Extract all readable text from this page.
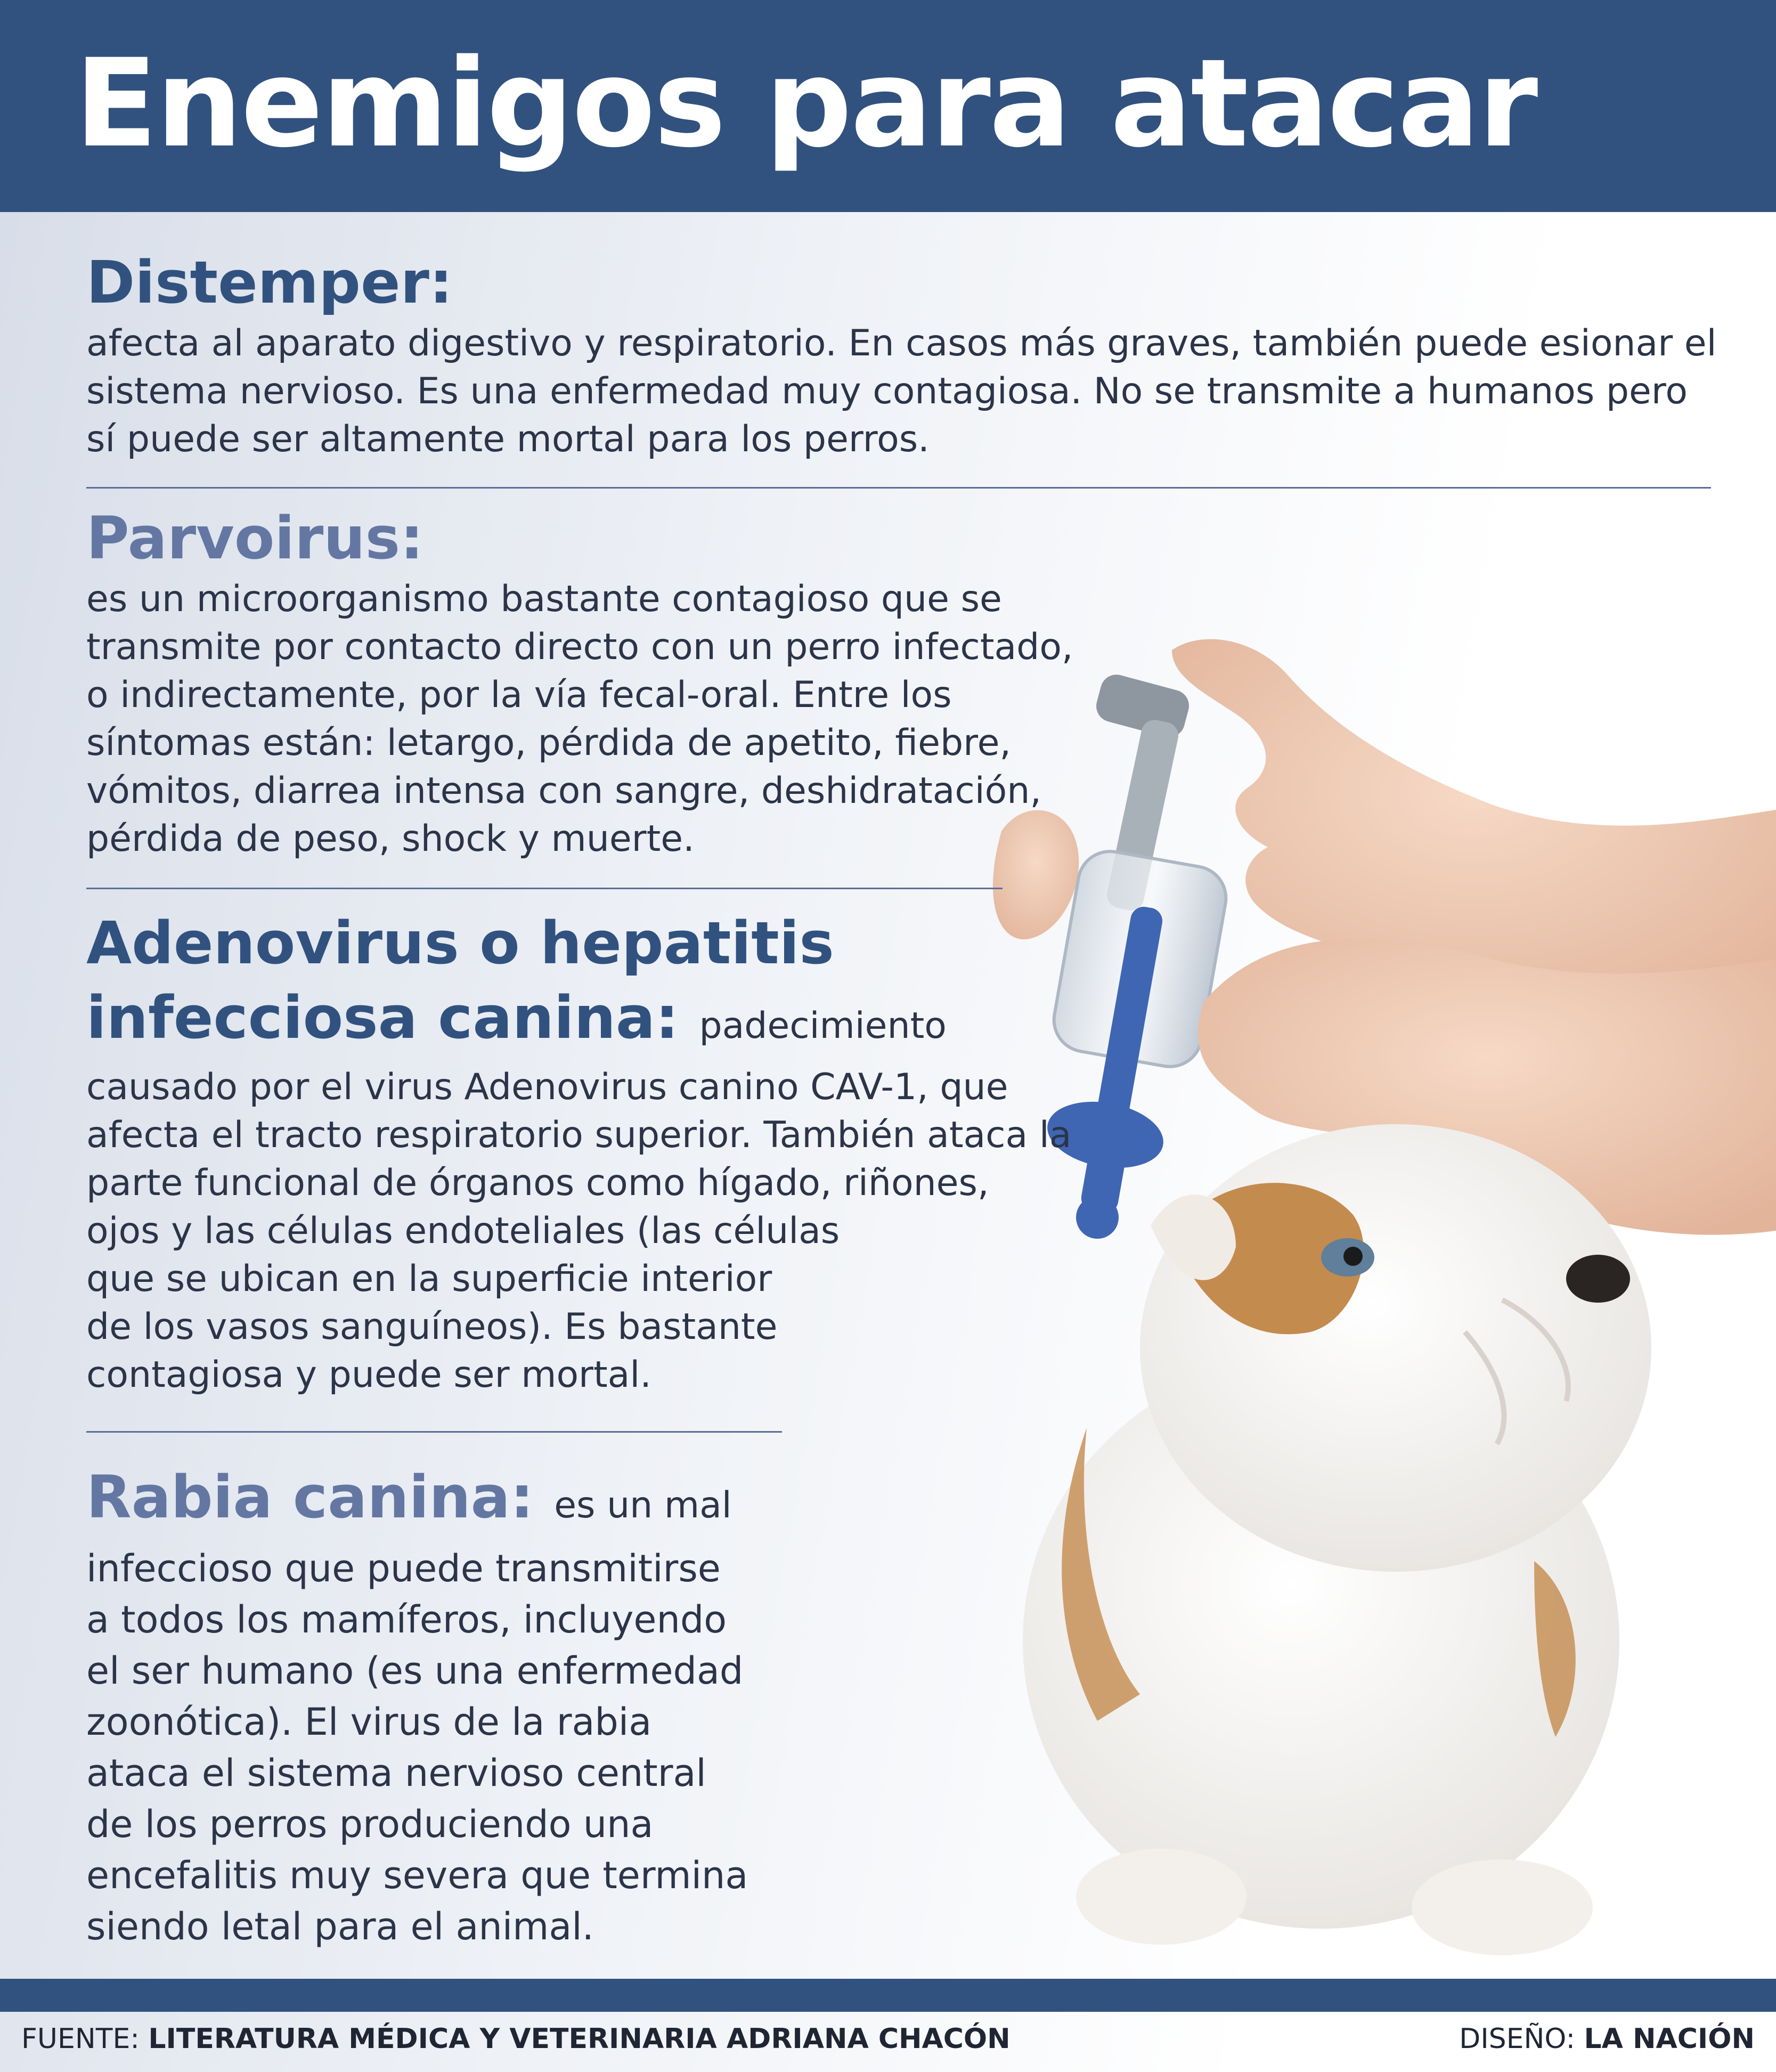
Enemigos para atacar

Distemper:

afecta al aparato digestivo y respiratorio. En casos más graves, también puede esionar el
sistema nervioso. Es una enfermedad muy contagiosa. No se transmite a humanos pero
sí puede ser altamente mortal para los perros.

Parvoirus:

es un microorganismo bastante contagioso que se
transmite por contacto directo con un perro infectado,
o indirectamente, por la vía fecal-oral. Entre los
síntomas están: letargo, pérdida de apetito, fiebre,
vómitos, diarrea intensa con sangre, deshidratación,
pérdida de peso, shock y muerte.

Adenovirus o hepatitis

infecciosa canina: padecimiento

causado por el virus Adenovirus canino CAV-1, que
afecta el tracto respiratorio superior. También ataca la
parte funcional de órganos como hígado, riñones,
ojos y las células endoteliales (las células
que se ubican en la superficie interior
de los vasos sanguíneos). Es bastante
contagiosa y puede ser mortal.

Rabia canina: es un mal

infeccioso que puede transmitirse
a todos los mamíferos, incluyendo
el ser humano (es una enfermedad
zoonótica). El virus de la rabia
ataca el sistema nervioso central
de los perros produciendo una
encefalitis muy severa que termina
siendo letal para el animal.

FUENTE: LITERATURA MÉDICA Y VETERINARIA ADRIANA CHACÓN	DISEÑO: LA NACIÓN
